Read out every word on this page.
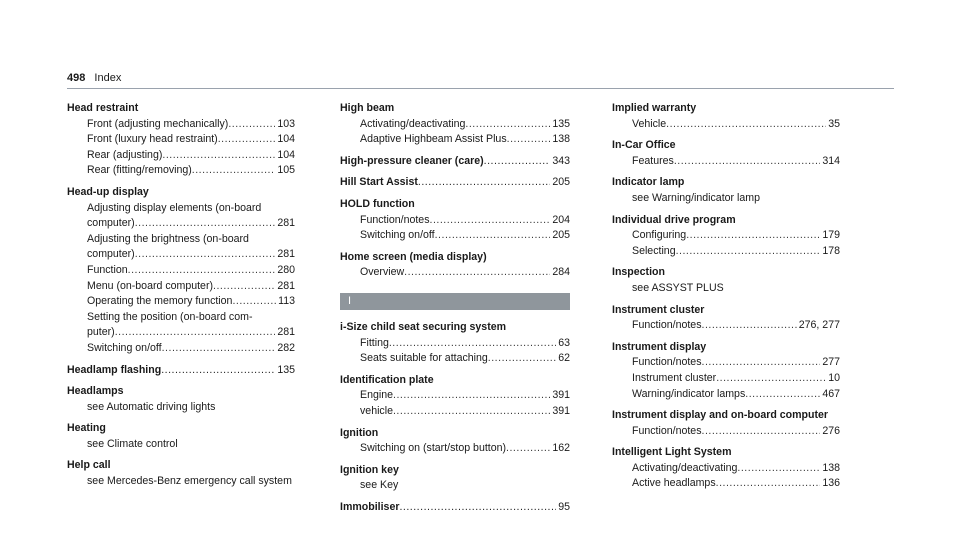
498 Index
Head restraint
Front (adjusting mechanically) .....	103
Front (luxury head restraint) .....	104
Rear (adjusting) .....	104
Rear (fitting/removing) .....	105
Head-up display
Adjusting display elements (on-board
computer) .....	281
Adjusting the brightness (on-board
computer) .....	281
Function .....	280
Menu (on-board computer) .....	281
Operating the memory function .....	113
Setting the position (on-board com-
puter) .....	281
Switching on/off .....	282
Headlamp flashing .....	135
Headlamps
see Automatic driving lights
Heating
see Climate control
Help call
see Mercedes-Benz emergency call system
High beam
Activating/deactivating .....	135
Adaptive Highbeam Assist Plus .....	138
High-pressure cleaner (care) .....	343
Hill Start Assist .....	205
HOLD function
Function/notes .....	204
Switching on/off .....	205
Home screen (media display)
Overview .....	284
I
i-Size child seat securing system
Fitting .....	63
Seats suitable for attaching .....	62
Identification plate
Engine .....	391
vehicle .....	391
Ignition
Switching on (start/stop button) .....	162
Ignition key
see Key
Immobiliser .....	95
Implied warranty
Vehicle .....	35
In-Car Office
Features .....	314
Indicator lamp
see Warning/indicator lamp
Individual drive program
Configuring .....	179
Selecting .....	178
Inspection
see ASSYST PLUS
Instrument cluster
Function/notes .....	276, 277
Instrument display
Function/notes .....	277
Instrument cluster .....	10
Warning/indicator lamps .....	467
Instrument display and on-board computer
Function/notes .....	276
Intelligent Light System
Activating/deactivating .....	138
Active headlamps .....	136
